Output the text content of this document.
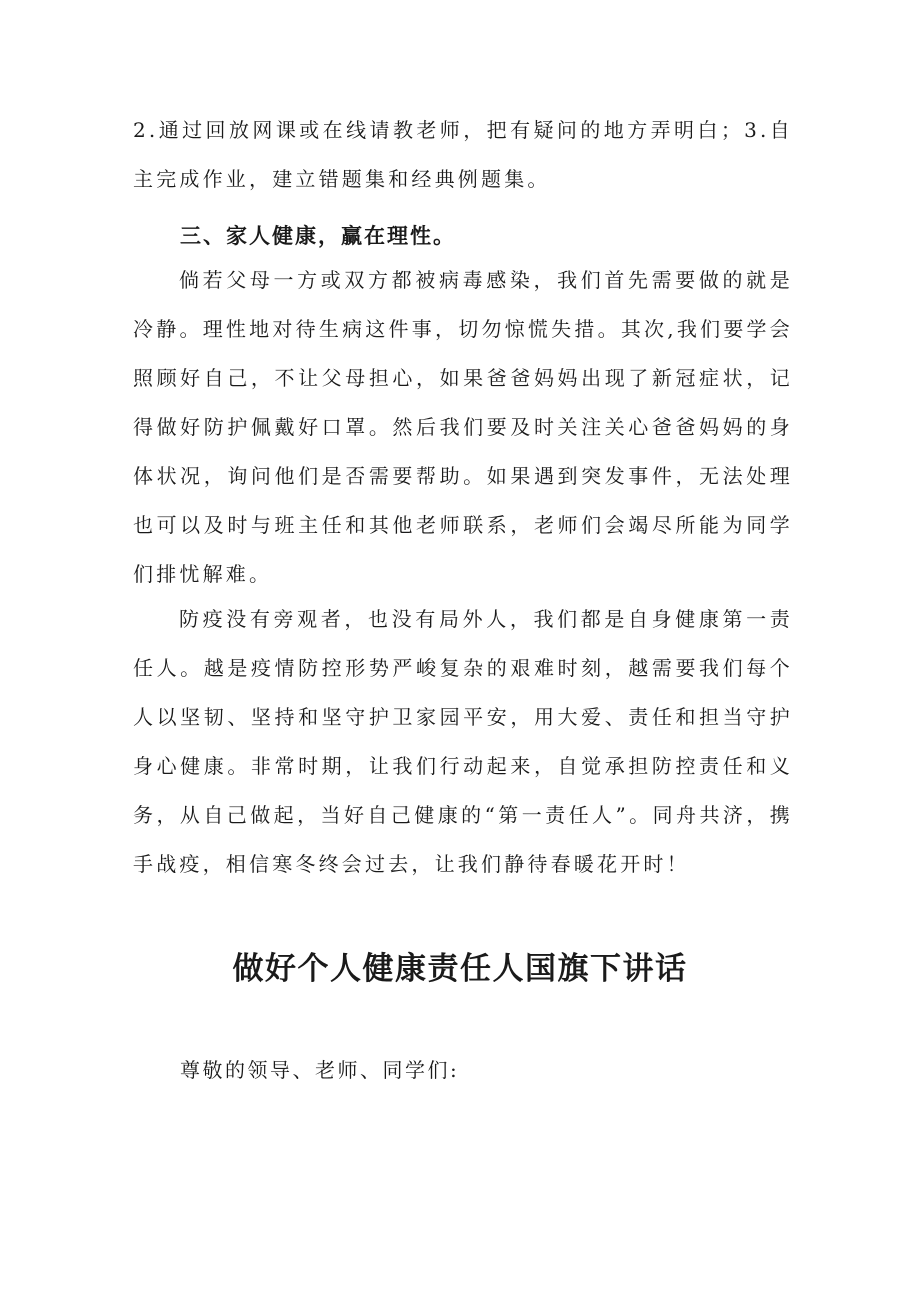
2.通过回放网课或在线请教老师，把有疑问的地方弄明白；3.自主完成作业，建立错题集和经典例题集。

三、家人健康，赢在理性。

倘若父母一方或双方都被病毒感染，我们首先需要做的就是冷静。理性地对待生病这件事，切勿惊慌失措。其次,我们要学会照顾好自己，不让父母担心，如果爸爸妈妈出现了新冠症状，记得做好防护佩戴好口罩。然后我们要及时关注关心爸爸妈妈的身体状况，询问他们是否需要帮助。如果遇到突发事件，无法处理也可以及时与班主任和其他老师联系，老师们会竭尽所能为同学们排忧解难。

防疫没有旁观者，也没有局外人，我们都是自身健康第一责任人。越是疫情防控形势严峻复杂的艰难时刻，越需要我们每个人以坚韧、坚持和坚守护卫家园平安，用大爱、责任和担当守护身心健康。非常时期，让我们行动起来，自觉承担防控责任和义务，从自己做起，当好自己健康的“第一责任人”。同舟共济，携手战疫，相信寒冬终会过去，让我们静待春暖花开时！

做好个人健康责任人国旗下讲话

尊敬的领导、老师、同学们:
